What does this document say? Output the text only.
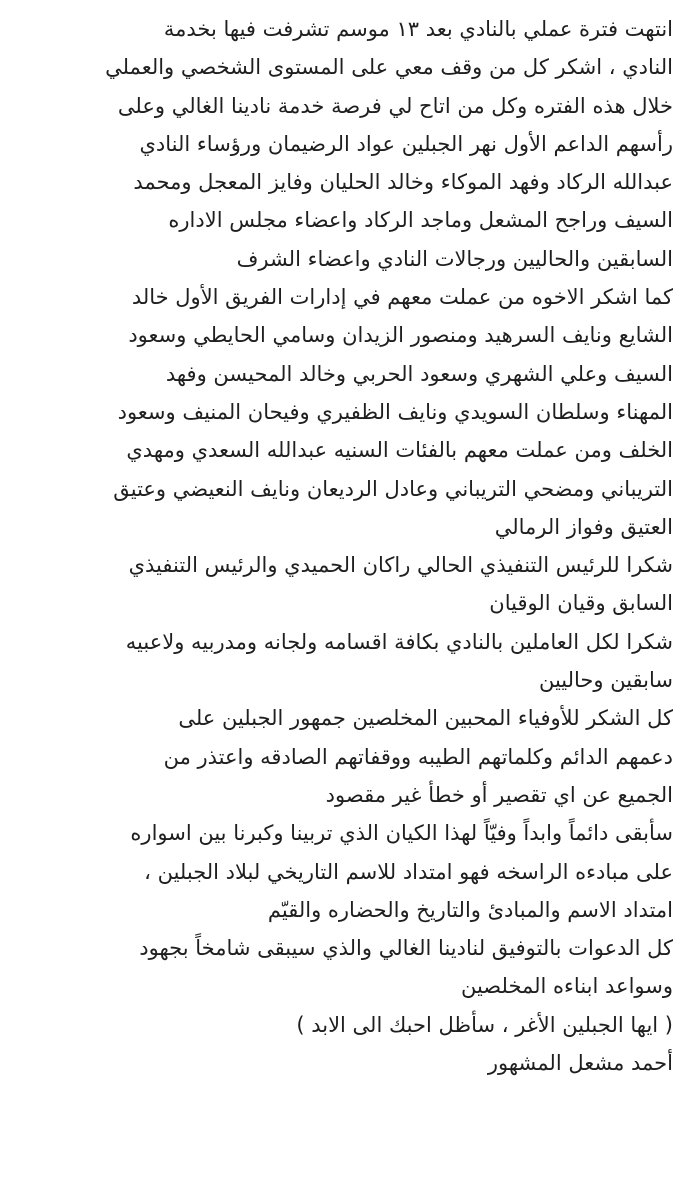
انتهت فترة عملي بالنادي بعد ١٣ موسم تشرفت فيها بخدمة
النادي ، اشكر كل من وقف معي على المستوى الشخصي والعملي
خلال هذه الفتره وكل من اتاح لي فرصة خدمة نادينا الغالي وعلى
رأسهم الداعم الأول نهر الجبلين عواد الرضيمان ورؤساء النادي
عبدالله الركاد وفهد الموكاء وخالد الحليان وفايز المعجل ومحمد
السيف وراجح المشعل وماجد الركاد واعضاء مجلس الاداره
السابقين والحاليين ورجالات النادي واعضاء الشرف
كما اشكر الاخوه من عملت معهم في إدارات الفريق الأول خالد
الشايع ونايف السرهيد ومنصور الزيدان وسامي الحايطي وسعود
السيف وعلي الشهري وسعود الحربي وخالد المحيسن وفهد
المهناء وسلطان السويدي ونايف الظفيري وفيحان المنيف وسعود
الخلف ومن عملت معهم بالفئات السنيه عبدالله السعدي ومهدي
التريباني ومضحي التريباني وعادل الرديعان ونايف النعيضي وعتيق
العتيق وفواز الرمالي
شكرا للرئيس التنفيذي الحالي راكان الحميدي والرئيس التنفيذي
السابق وقيان الوقيان
شكرا لكل العاملين بالنادي بكافة اقسامه ولجانه ومدربيه ولاعبيه
سابقين وحاليين
كل الشكر للأوفياء المحبين المخلصين جمهور الجبلين على
دعمهم الدائم وكلماتهم الطيبه ووقفاتهم الصادقه واعتذر من
الجميع عن اي تقصير أو خطأ غير مقصود
سأبقى دائماً وابداً وفيّاً لهذا الكيان الذي تربينا وكبرنا بين اسواره
على مبادءه الراسخه فهو امتداد للاسم التاريخي لبلاد الجبلين ،
امتداد الاسم والمبادئ والتاريخ والحضاره والقيّم
كل الدعوات بالتوفيق لنادينا الغالي والذي سيبقى شامخاً بجهود
وسواعد ابناءه المخلصين
( ايها الجبلين الأغر ، سأظل احبك الى الابد )
أحمد مشعل المشهور
